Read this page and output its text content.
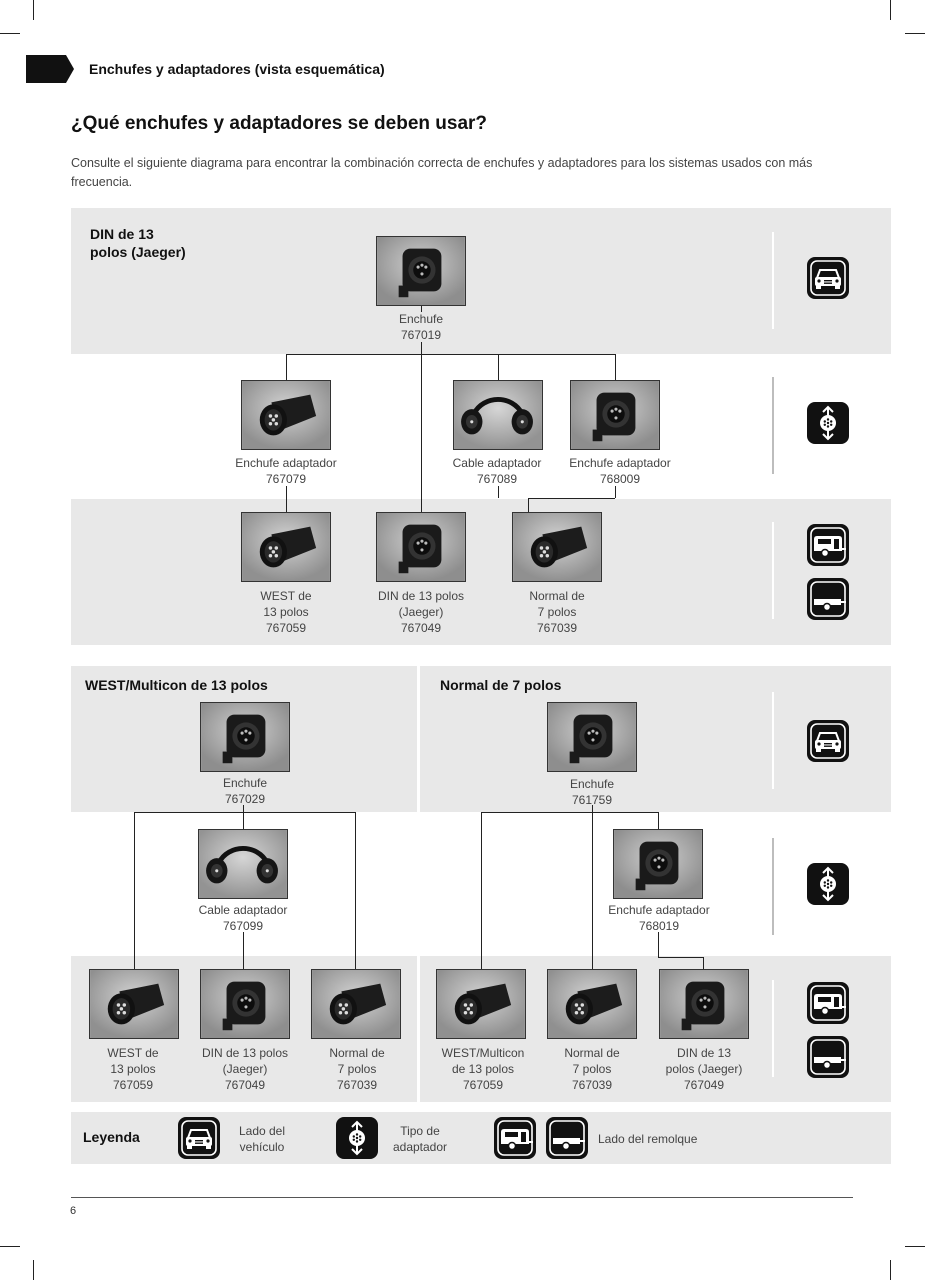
Enchufes y adaptadores (vista esquemática)
¿Qué enchufes y adaptadores se deben usar?
Consulte el siguiente diagrama para encontrar la combinación correcta de enchufes y adaptadores para los sistemas usados con más frecuencia.
DIN de 13
polos (Jaeger)
WEST/Multicon de 13 polos	Normal de 7 polos
Enchufe
767019
Enchufe adaptador
767079
Cable adaptador
767089
Enchufe adaptador
768009
WEST de
13 polos
767059
DIN de 13 polos
(Jaeger)
767049
Normal de
7 polos
767039
Enchufe
767029
Cable adaptador
767099
WEST de
13 polos
767059
DIN de 13 polos
(Jaeger)
767049
Normal de
7 polos
767039
Enchufe
761759
Enchufe adaptador
768019
WEST/Multicon
de 13 polos
767059
Normal de
7 polos
767039
DIN de 13
polos (Jaeger)
767049
Leyenda	Lado del
vehículo
Tipo de
adaptador
Lado del remolque
6
